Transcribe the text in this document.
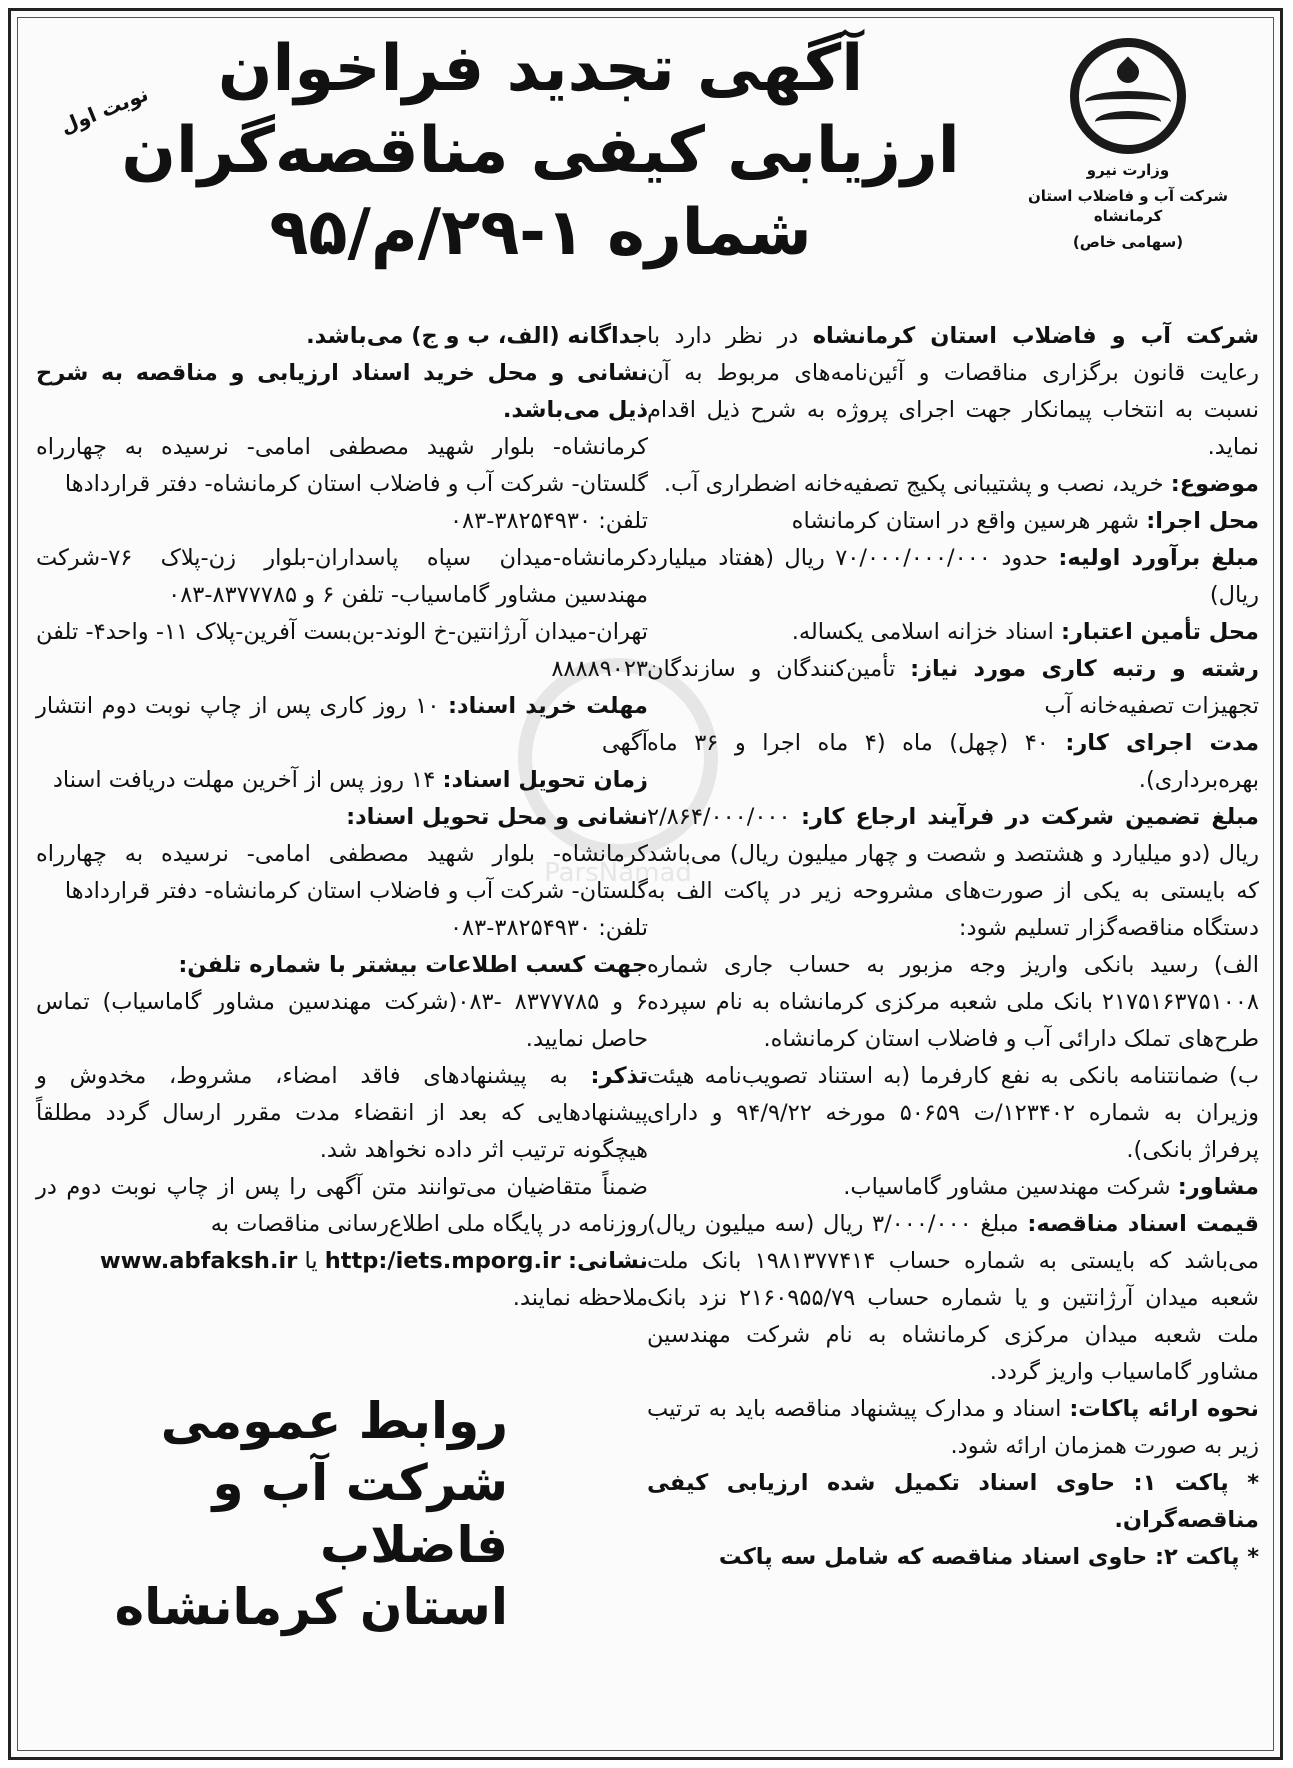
وزارت نیرو
شرکت آب و فاضلاب استان کرمانشاه
(سهامی خاص)
آگهی تجدید فراخوان
ارزیابی کیفی مناقصه‌گران
شماره ۱-۲۹/م/۹۵
نوبت اول
ParsNamad

شرکت آب و فاضلاب استان کرمانشاه در نظر دارد با رعایت قانون برگزاری مناقصات و آئین‌نامه‌های مربوط به آن نسبت به انتخاب پیمانکار جهت اجرای پروژه به شرح ذیل اقدام نماید.

موضوع: خرید، نصب و پشتیبانی پکیج تصفیه‌خانه اضطراری آب.

محل اجرا: شهر هرسین واقع در استان کرمانشاه

مبلغ برآورد اولیه: حدود ۷۰/۰۰۰/۰۰۰/۰۰۰ ریال (هفتاد میلیارد ریال)

محل تأمین اعتبار: اسناد خزانه اسلامی یکساله.

رشته و رتبه کاری مورد نیاز: تأمین‌کنندگان و سازندگان تجهیزات تصفیه‌خانه آب

مدت اجرای کار: ۴۰ (چهل) ماه (۴ ماه اجرا و ۳۶ ماه بهره‌برداری).

مبلغ تضمین شرکت در فرآیند ارجاع کار: ۲/۸۶۴/۰۰۰/۰۰۰ ریال (دو میلیارد و هشتصد و شصت و چهار میلیون ریال) می‌باشد که بایستی به یکی از صورت‌های مشروحه زیر در پاکت الف به دستگاه مناقصه‌گزار تسلیم شود:

الف) رسید بانکی واریز وجه مزبور به حساب جاری شماره ۲۱۷۵۱۶۳۷۵۱۰۰۸ بانک ملی شعبه مرکزی کرمانشاه به نام سپرده طرح‌های تملک دارائی آب و فاضلاب استان کرمانشاه.

ب) ضمانتنامه بانکی به نفع کارفرما (به استناد تصویب‌نامه هیئت وزیران به شماره ۱۲۳۴۰۲/ت ۵۰۶۵۹ مورخه ۹۴/۹/۲۲ و دارای پرفراژ بانکی).

مشاور: شرکت مهندسین مشاور گاماسیاب.

قیمت اسناد مناقصه: مبلغ ۳/۰۰۰/۰۰۰ ریال (سه میلیون ریال) می‌باشد که بایستی به شماره حساب ۱۹۸۱۳۷۷۴۱۴ بانک ملت شعبه میدان آرژانتین و یا شماره حساب ۲۱۶۰۹۵۵/۷۹ نزد بانک ملت شعبه میدان مرکزی کرمانشاه به نام شرکت مهندسین مشاور گاماسیاب واریز گردد.

نحوه ارائه پاکات: اسناد و مدارک پیشنهاد مناقصه باید به ترتیب زیر به صورت همزمان ارائه شود.

* پاکت ۱: حاوی اسناد تکمیل شده ارزیابی کیفی مناقصه‌گران.

* پاکت ۲: حاوی اسناد مناقصه که شامل سه پاکت

جداگانه (الف، ب و ج) می‌باشد.

نشانی و محل خرید اسناد ارزیابی و مناقصه به شرح ذیل می‌باشد.

کرمانشاه- بلوار شهید مصطفی امامی- نرسیده به چهارراه گلستان- شرکت آب و فاضلاب استان کرمانشاه- دفتر قراردادها

تلفن: ۳۸۲۵۴۹۳۰-۰۸۳

کرمانشاه-میدان سپاه پاسداران-بلوار زن-پلاک ۷۶-شرکت مهندسین مشاور گاماسیاب- تلفن ۶ و ۸۳۷۷۷۸۵-۰۸۳

تهران-میدان آرژانتین-خ الوند-بن‌بست آفرین-پلاک ۱۱- واحد۴- تلفن ۸۸۸۸۹۰۲۳

مهلت خرید اسناد: ۱۰ روز کاری پس از چاپ نوبت دوم انتشار آگهی

زمان تحویل اسناد: ۱۴ روز پس از آخرین مهلت دریافت اسناد

نشانی و محل تحویل اسناد:

کرمانشاه- بلوار شهید مصطفی امامی- نرسیده به چهارراه گلستان- شرکت آب و فاضلاب استان کرمانشاه- دفتر قراردادها

تلفن: ۳۸۲۵۴۹۳۰-۰۸۳

جهت کسب اطلاعات بیشتر با شماره تلفن:

۶ و ۸۳۷۷۷۸۵ -۰۸۳(شرکت مهندسین مشاور گاماسیاب) تماس حاصل نمایید.

تذکر: به پیشنهادهای فاقد امضاء، مشروط، مخدوش و پیشنهادهایی که بعد از انقضاء مدت مقرر ارسال گردد مطلقاً هیچگونه ترتیب اثر داده نخواهد شد.

ضمناً متقاضیان می‌توانند متن آگهی را پس از چاپ نوبت دوم در روزنامه در پایگاه ملی اطلاع‌رسانی مناقصات به

نشانی: http:/iets.mporg.ir یا www.abfaksh.ir

ملاحظه نمایند.

روابط عمومی
شرکت آب و فاضلاب
استان کرمانشاه
